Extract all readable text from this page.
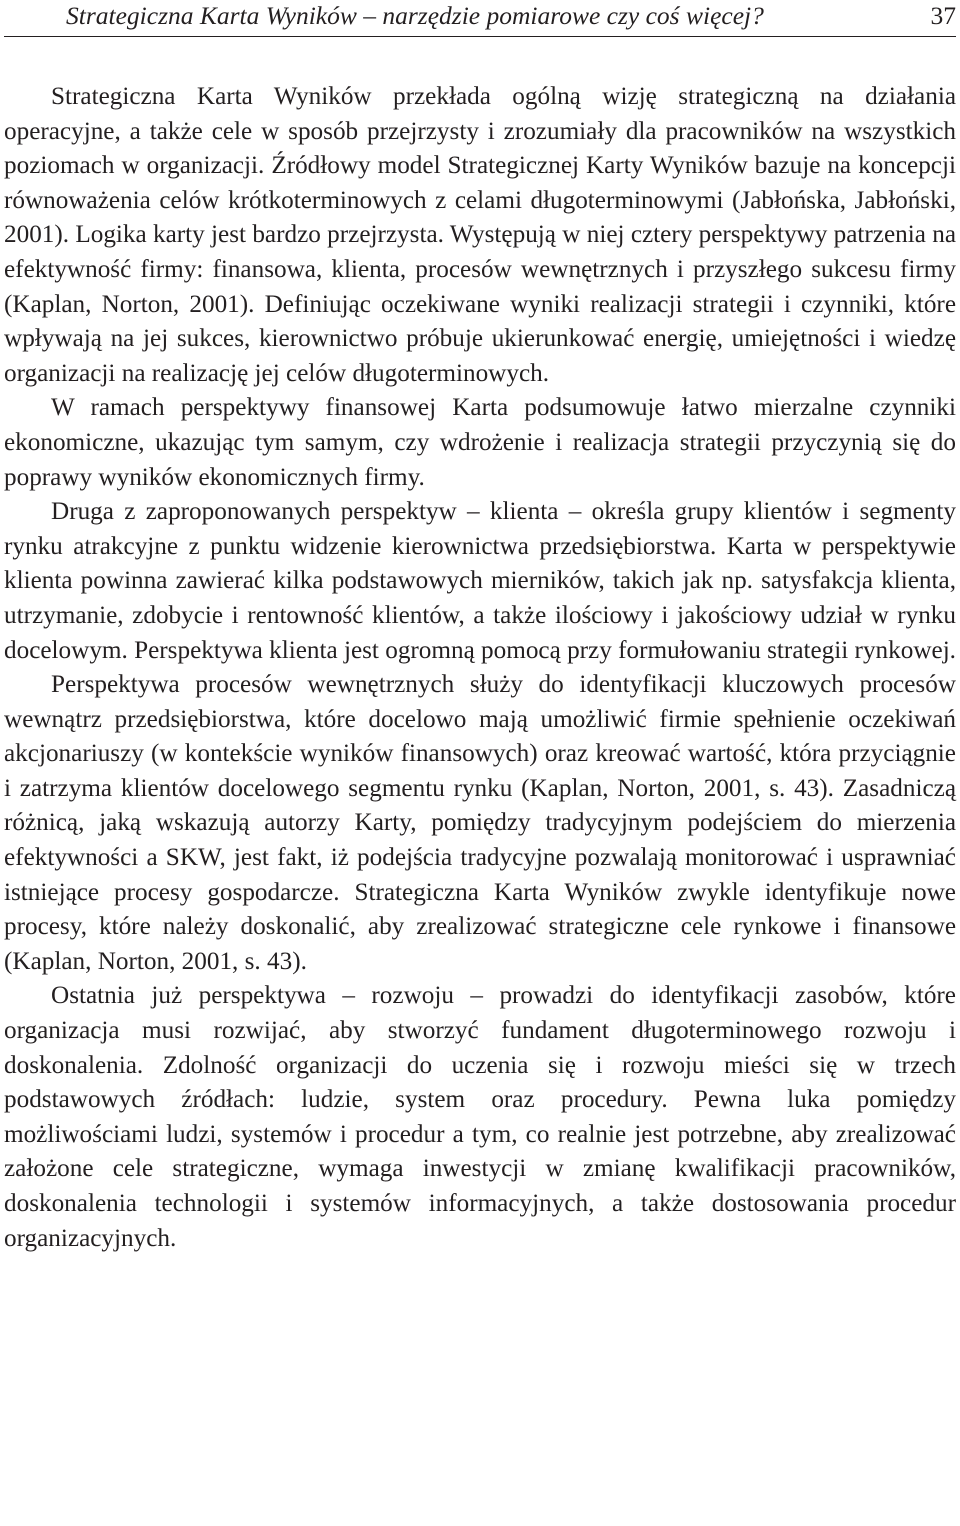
Strategiczna Karta Wyników – narzędzie pomiarowe czy coś więcej?	37

Strategiczna Karta Wyników przekłada ogólną wizję strategiczną na działania operacyjne, a także cele w sposób przejrzysty i zrozumiały dla pracowników na wszystkich poziomach w organizacji. Źródłowy model Strategicznej Karty Wyników bazuje na koncepcji równoważenia celów krótkoterminowych z celami długoterminowymi (Jabłońska, Jabłoński, 2001). Logika karty jest bardzo przejrzysta. Występują w niej cztery perspektywy patrzenia na efektywność firmy: finansowa, klienta, procesów wewnętrznych i przyszłego sukcesu firmy (Kaplan, Norton, 2001). Definiując oczekiwane wyniki realizacji strategii i czynniki, które wpływają na jej sukces, kierownictwo próbuje ukierunkować energię, umiejętności i wiedzę organizacji na realizację jej celów długoterminowych.

W ramach perspektywy finansowej Karta podsumowuje łatwo mierzalne czynniki ekonomiczne, ukazując tym samym, czy wdrożenie i realizacja strategii przyczynią się do poprawy wyników ekonomicznych firmy.

Druga z zaproponowanych perspektyw – klienta – określa grupy klientów i segmenty rynku atrakcyjne z punktu widzenie kierownictwa przedsiębiorstwa. Karta w perspektywie klienta powinna zawierać kilka podstawowych mierników, takich jak np. satysfakcja klienta, utrzymanie, zdobycie i rentowność klientów, a także ilościowy i jakościowy udział w rynku docelowym. Perspektywa klienta jest ogromną pomocą przy formułowaniu strategii rynkowej.

Perspektywa procesów wewnętrznych służy do identyfikacji kluczowych procesów wewnątrz przedsiębiorstwa, które docelowo mają umożliwić firmie spełnienie oczekiwań akcjonariuszy (w kontekście wyników finansowych) oraz kreować wartość, która przyciągnie i zatrzyma klientów docelowego segmentu rynku (Kaplan, Norton, 2001, s. 43). Zasadniczą różnicą, jaką wskazują autorzy Karty, pomiędzy tradycyjnym podejściem do mierzenia efektywności a SKW, jest fakt, iż podejścia tradycyjne pozwalają monitorować i usprawniać istniejące procesy gospodarcze. Strategiczna Karta Wyników zwykle identyfikuje nowe procesy, które należy doskonalić, aby zrealizować strategiczne cele rynkowe i finansowe (Kaplan, Norton, 2001, s. 43).

Ostatnia już perspektywa – rozwoju – prowadzi do identyfikacji zasobów, które organizacja musi rozwijać, aby stworzyć fundament długoterminowego rozwoju i doskonalenia. Zdolność organizacji do uczenia się i rozwoju mieści się w trzech podstawowych źródłach: ludzie, system oraz procedury. Pewna luka pomiędzy możliwościami ludzi, systemów i procedur a tym, co realnie jest potrzebne, aby zrealizować założone cele strategiczne, wymaga inwestycji w zmianę kwalifikacji pracowników, doskonalenia technologii i systemów informacyjnych, a także dostosowania procedur organizacyjnych.
